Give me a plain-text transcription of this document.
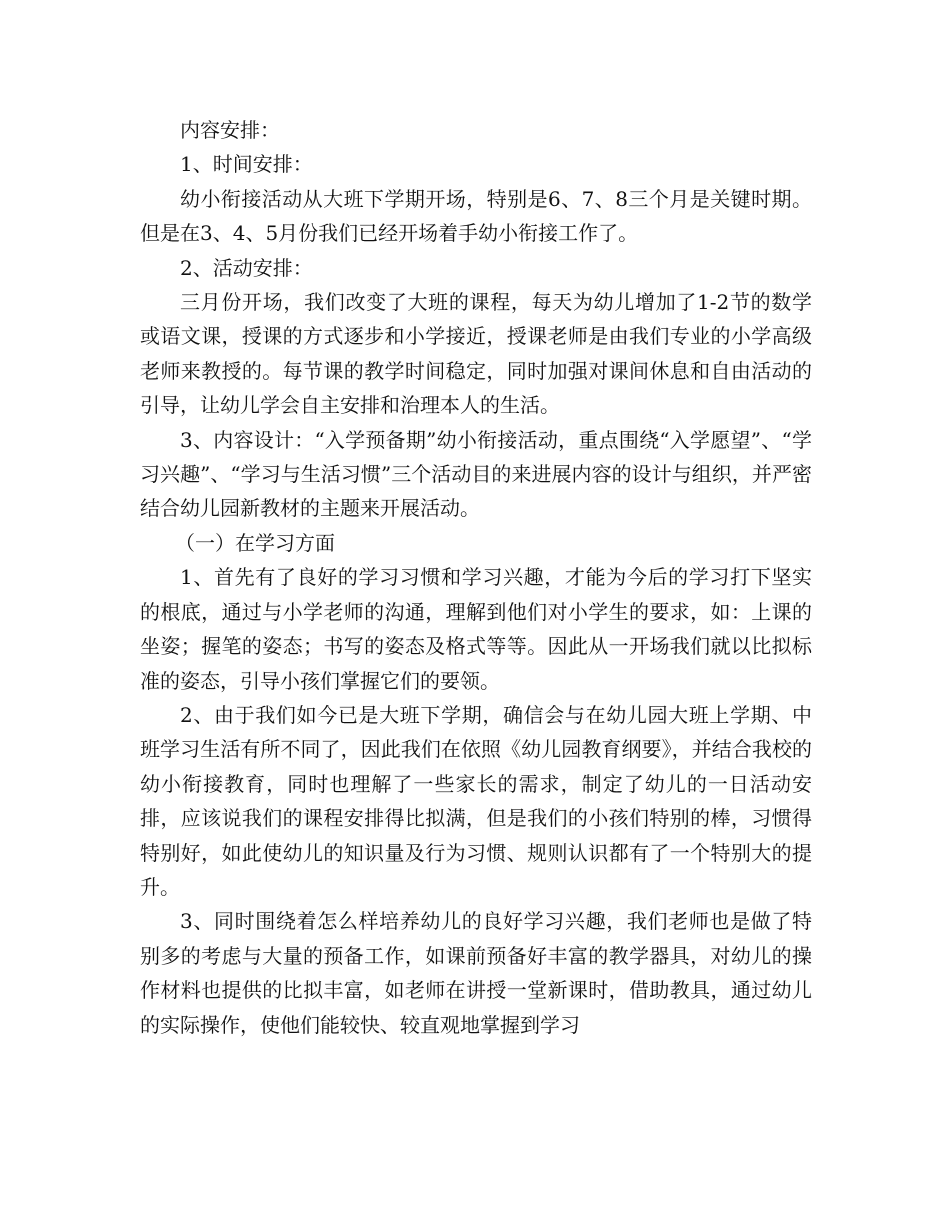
内容安排：

1、时间安排：

幼小衔接活动从大班下学期开场，特别是6、7、8三个月是关键时期。但是在3、4、5月份我们已经开场着手幼小衔接工作了。

2、活动安排：

三月份开场，我们改变了大班的课程，每天为幼儿增加了1-2节的数学或语文课，授课的方式逐步和小学接近，授课老师是由我们专业的小学高级老师来教授的。每节课的教学时间稳定，同时加强对课间休息和自由活动的引导，让幼儿学会自主安排和治理本人的生活。

3、内容设计：“入学预备期”幼小衔接活动，重点围绕“入学愿望”、“学习兴趣”、“学习与生活习惯”三个活动目的来进展内容的设计与组织，并严密结合幼儿园新教材的主题来开展活动。

（一）在学习方面

1、首先有了良好的学习习惯和学习兴趣，才能为今后的学习打下坚实的根底，通过与小学老师的沟通，理解到他们对小学生的要求，如：上课的坐姿；握笔的姿态；书写的姿态及格式等等。因此从一开场我们就以比拟标准的姿态，引导小孩们掌握它们的要领。

2、由于我们如今已是大班下学期，确信会与在幼儿园大班上学期、中班学习生活有所不同了，因此我们在依照《幼儿园教育纲要》，并结合我校的幼小衔接教育，同时也理解了一些家长的需求，制定了幼儿的一日活动安排，应该说我们的课程安排得比拟满，但是我们的小孩们特别的棒，习惯得特别好，如此使幼儿的知识量及行为习惯、规则认识都有了一个特别大的提升。

3、同时围绕着怎么样培养幼儿的良好学习兴趣，我们老师也是做了特别多的考虑与大量的预备工作，如课前预备好丰富的教学器具，对幼儿的操作材料也提供的比拟丰富，如老师在讲授一堂新课时，借助教具，通过幼儿的实际操作，使他们能较快、较直观地掌握到学习
